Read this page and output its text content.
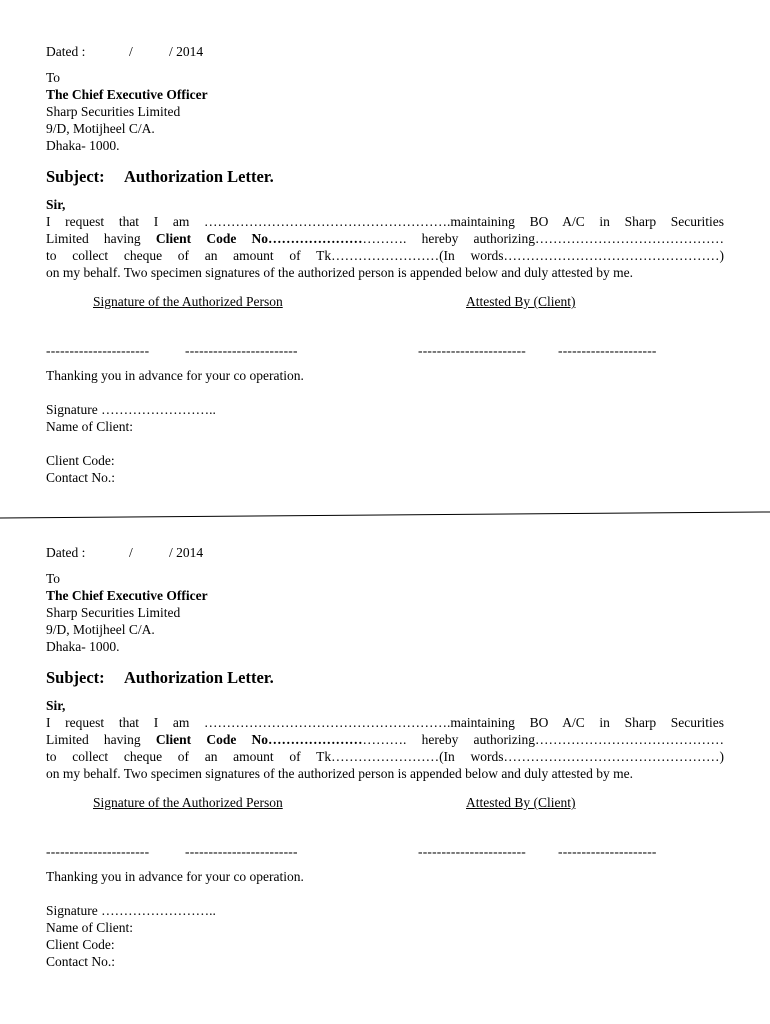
Dated :	/	/ 2014
To
The Chief Executive Officer
Sharp Securities Limited
9/D, Motijheel C/A.
Dhaka- 1000.
Subject: Authorization Letter.
Sir,
I request that I am ……………………………………………….maintaining BO A/C in Sharp Securities
Limited having Client Code No…………………………. hereby authorizing……………………………………
to collect cheque of an amount of Tk……………………(In words…………………………………………)
on my behalf. Two specimen signatures of the authorized person is appended below and duly attested by me.
Signature of the Authorized Person	Attested By (Client)
----------------------	------------------------	----------------------- ---------------------
Thanking you in advance for your co operation.
Signature ……………………..
Name of Client:
Client Code:
Contact No.:
Dated :	/	/ 2014
To
The Chief Executive Officer
Sharp Securities Limited
9/D, Motijheel C/A.
Dhaka- 1000.
Subject: Authorization Letter.
Sir,
I request that I am ……………………………………………….maintaining BO A/C in Sharp Securities
Limited having Client Code No…………………………. hereby authorizing……………………………………
to collect cheque of an amount of Tk……………………(In words…………………………………………)
on my behalf. Two specimen signatures of the authorized person is appended below and duly attested by me.
Signature of the Authorized Person	Attested By (Client)
----------------------	------------------------	----------------------- ---------------------
Thanking you in advance for your co operation.
Signature ……………………..
Name of Client:
Client Code:
Contact No.:
